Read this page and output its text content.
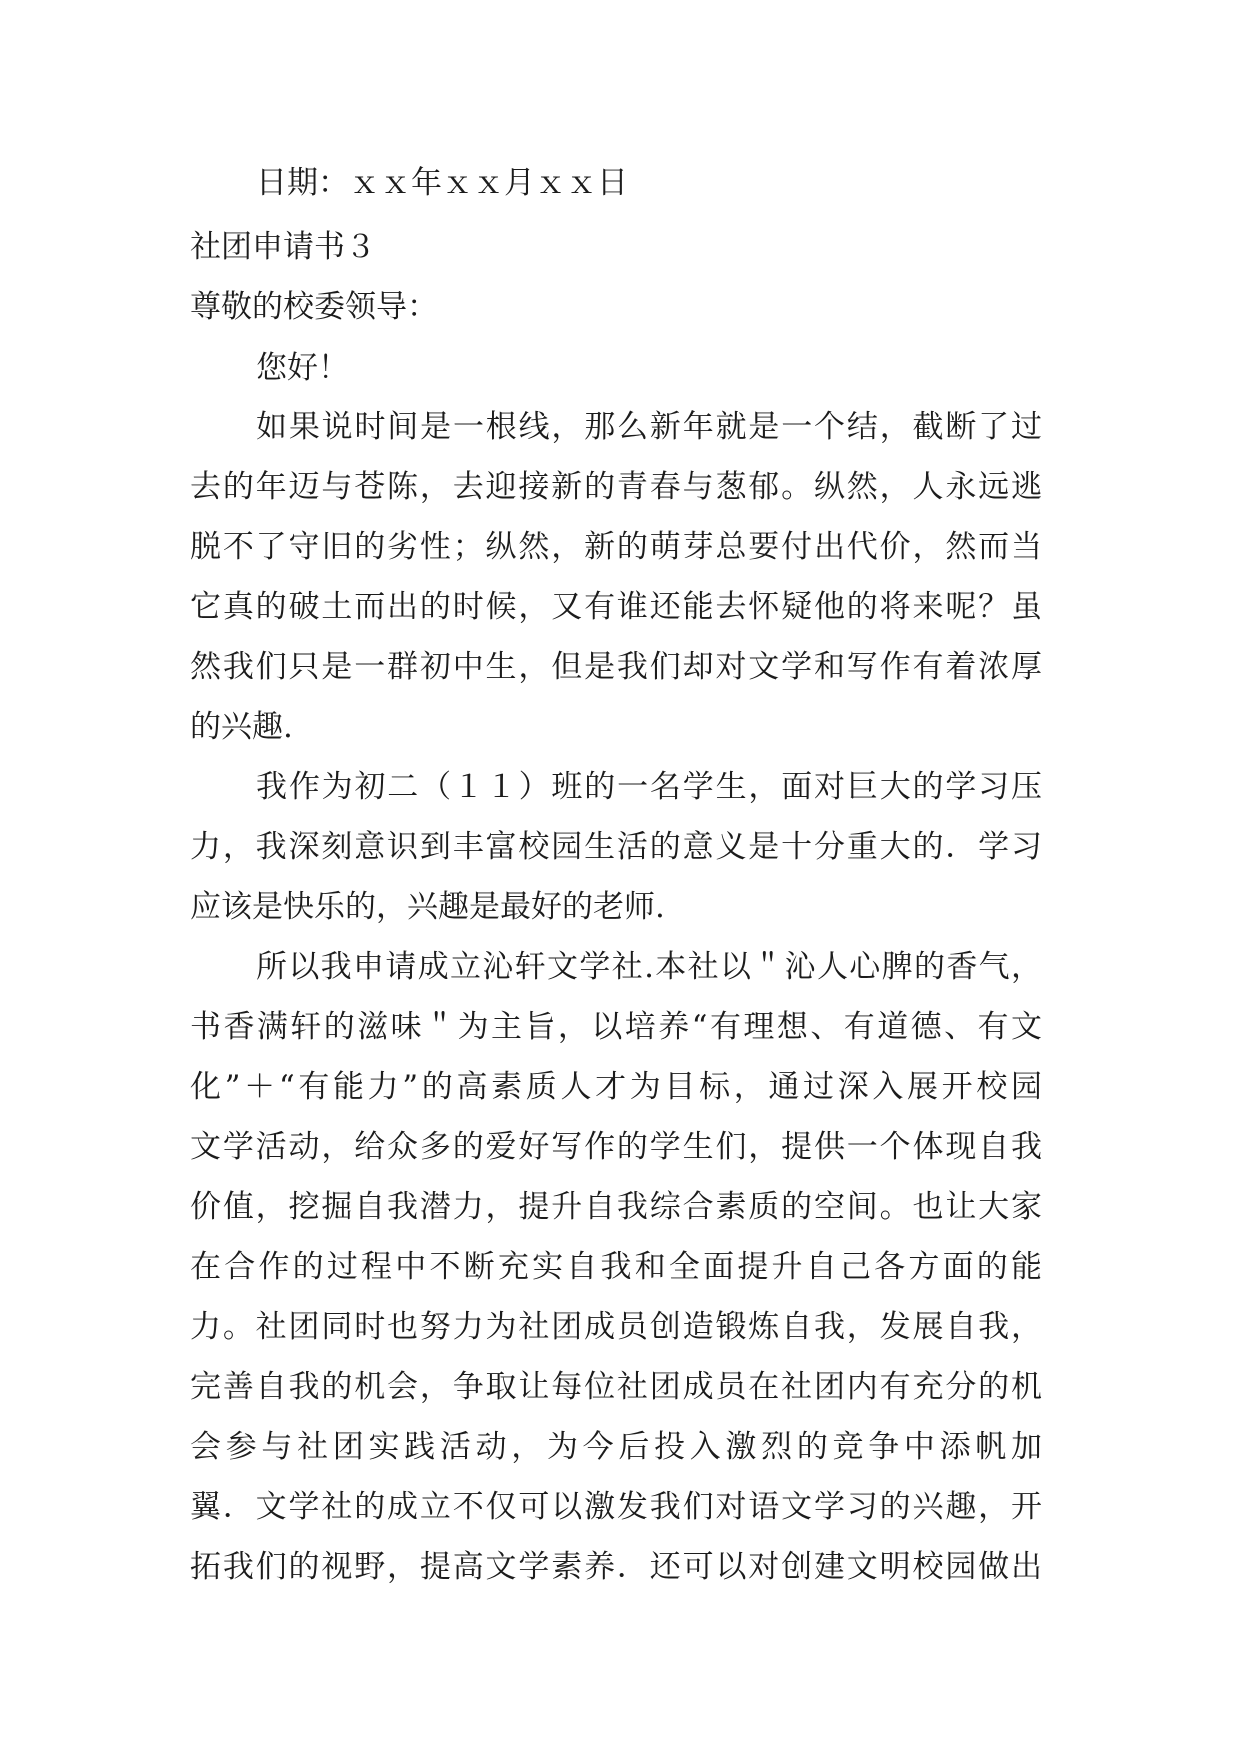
日期：ｘｘ年ｘｘ月ｘｘ日
社团申请书３
尊敬的校委领导：
您好！
如果说时间是一根线，那么新年就是一个结，截断了过
去的年迈与苍陈，去迎接新的青春与葱郁。纵然，人永远逃
脱不了守旧的劣性；纵然，新的萌芽总要付出代价，然而当
它真的破土而出的时候，又有谁还能去怀疑他的将来呢？虽
然我们只是一群初中生，但是我们却对文学和写作有着浓厚
的兴趣.
我作为初二（１１）班的一名学生，面对巨大的学习压
力，我深刻意识到丰富校园生活的意义是十分重大的．学习
应该是快乐的，兴趣是最好的老师.
所以我申请成立沁轩文学社.本社以＂沁人心脾的香气，
书香满轩的滋味＂为主旨，以培养“有理想、有道德、有文
化”＋“有能力”的高素质人才为目标，通过深入展开校园
文学活动，给众多的爱好写作的学生们，提供一个体现自我
价值，挖掘自我潜力，提升自我综合素质的空间。也让大家
在合作的过程中不断充实自我和全面提升自己各方面的能
力。社团同时也努力为社团成员创造锻炼自我，发展自我，
完善自我的机会，争取让每位社团成员在社团内有充分的机
会参与社团实践活动，为今后投入激烈的竞争中添帆加
翼．文学社的成立不仅可以激发我们对语文学习的兴趣，开
拓我们的视野，提高文学素养．还可以对创建文明校园做出
